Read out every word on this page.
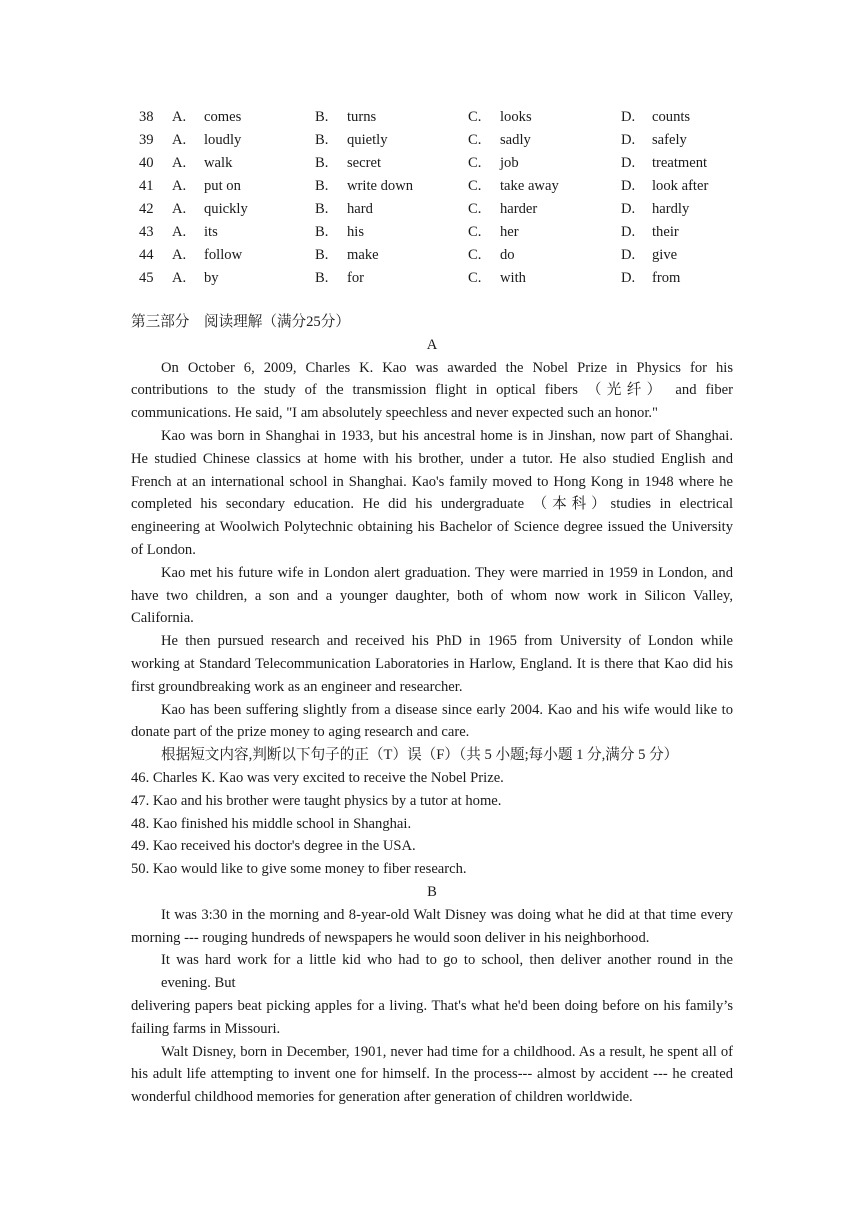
38 A. comes	B. turns	C. looks	D. counts
39 A. loudly	B. quietly	C. sadly	D. safely
40 A. walk	B. secret	C. job	D. treatment
41 A. put on	B. write down	C. take away	D. look after
42 A. quickly	B. hard	C. harder	D. hardly
43 A. its	B. his	C. her	D. their
44 A. follow	B. make	C. do	D. give
45 A. by	B. for	C. with	D. from

第三部分　阅读理解（满分25分）

A

On October 6, 2009, Charles K. Kao was awarded the Nobel Prize in Physics for his contributions to the study of the transmission flight in optical fibers （光纤） and fiber communications. He said, "I am absolutely speechless and never expected such an honor."

Kao was born in Shanghai in 1933, but his ancestral home is in Jinshan, now part of Shanghai. He studied Chinese classics at home with his brother, under a tutor. He also studied English and French at an international school in Shanghai. Kao's family moved to Hong Kong in 1948 where he completed his secondary education. He did his undergraduate （本科）studies in electrical engineering at Woolwich Polytechnic obtaining his Bachelor of Science degree issued the University of London.

Kao met his future wife in London alert graduation. They were married in 1959 in London, and have two children, a son and a younger daughter, both of whom now work in Silicon Valley, California.

He then pursued research and received his PhD in 1965 from University of London while working at Standard Telecommunication Laboratories in Harlow, England. It is there that Kao did his first groundbreaking work as an engineer and researcher.

Kao has been suffering slightly from a disease since early 2004. Kao and his wife would like to donate part of the prize money to aging research and care.

根据短文内容,判断以下句子的正（T）误（F）（共 5 小题;每小题 1 分,满分 5 分）

46. Charles K. Kao was very excited to receive the Nobel Prize.

47. Kao and his brother were taught physics by a tutor at home.

48. Kao finished his middle school in Shanghai.

49. Kao received his doctor's degree in the USA.

50. Kao would like to give some money to fiber research.

B

It was 3:30 in the morning and 8-year-old Walt Disney was doing what he did at that time every morning --- rouging hundreds of newspapers he would soon deliver in his neighborhood.

It was hard work for a little kid who had to go to school, then deliver another round in the evening. But

delivering papers beat picking apples for a living. That's what he'd been doing before on his family’s failing farms in Missouri.

Walt Disney, born in December, 1901, never had time for a childhood. As a result, he spent all of his adult life attempting to invent one for himself. In the process--- almost by accident --- he created wonderful childhood memories for generation after generation of children worldwide.
